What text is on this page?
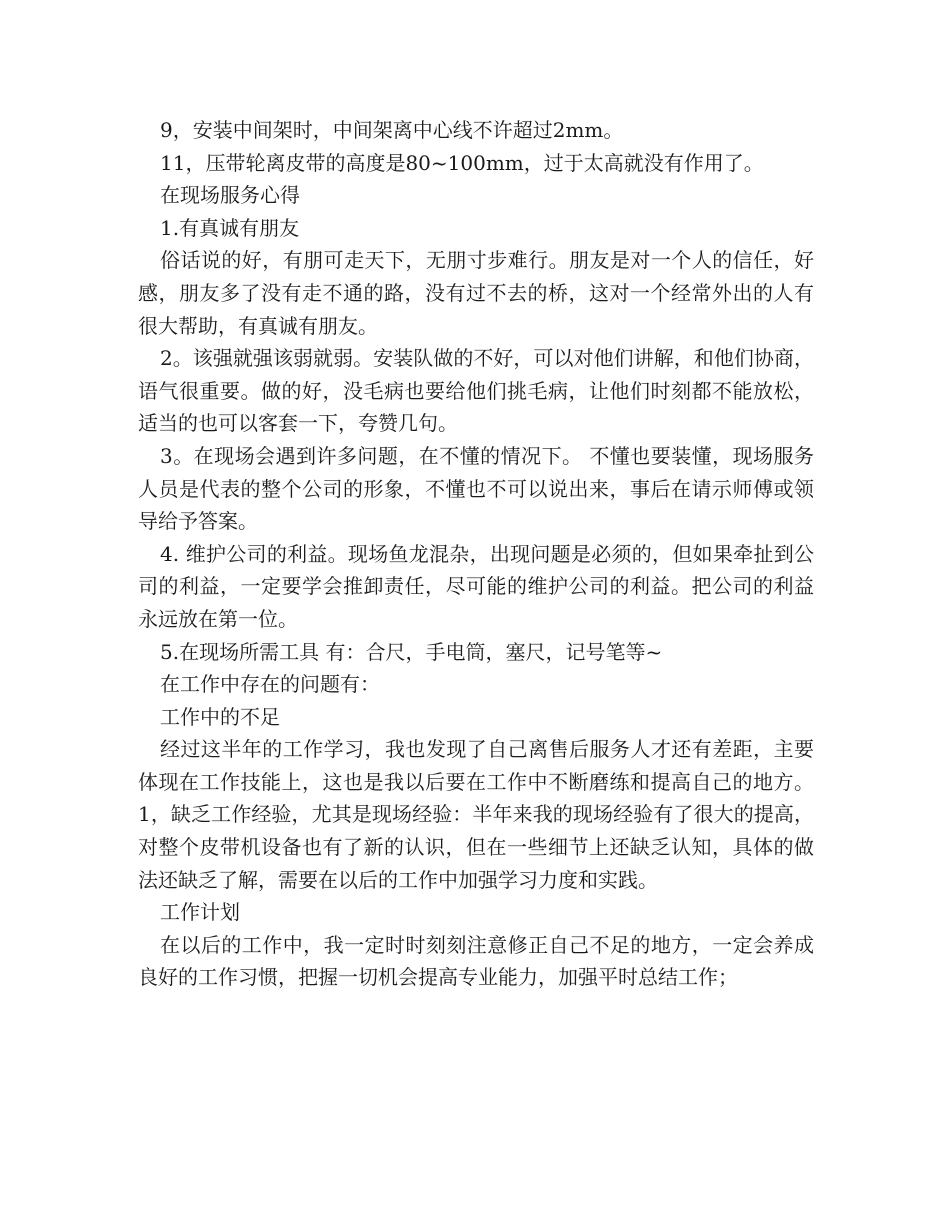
9，安装中间架时，中间架离中心线不许超过2mm。

11，压带轮离皮带的高度是80~100mm，过于太高就没有作用了。

在现场服务心得

1.有真诚有朋友

俗话说的好，有朋可走天下，无朋寸步难行。朋友是对一个人的信任，好感，朋友多了没有走不通的路，没有过不去的桥，这对一个经常外出的人有很大帮助，有真诚有朋友。

2。该强就强该弱就弱。安装队做的不好，可以对他们讲解，和他们协商，语气很重要。做的好，没毛病也要给他们挑毛病，让他们时刻都不能放松，适当的也可以客套一下，夸赞几句。

3。在现场会遇到许多问题，在不懂的情况下。 不懂也要装懂，现场服务人员是代表的整个公司的形象，不懂也不可以说出来，事后在请示师傅或领导给予答案。

4. 维护公司的利益。现场鱼龙混杂，出现问题是必须的，但如果牵扯到公司的利益，一定要学会推卸责任，尽可能的维护公司的利益。把公司的利益永远放在第一位。

5.在现场所需工具 有：合尺，手电筒，塞尺，记号笔等~

在工作中存在的问题有：

工作中的不足

经过这半年的工作学习，我也发现了自己离售后服务人才还有差距，主要体现在工作技能上，这也是我以后要在工作中不断磨练和提高自己的地方。1，缺乏工作经验，尤其是现场经验：半年来我的现场经验有了很大的提高，对整个皮带机设备也有了新的认识，但在一些细节上还缺乏认知，具体的做法还缺乏了解，需要在以后的工作中加强学习力度和实践。

工作计划

在以后的工作中，我一定时时刻刻注意修正自己不足的地方，一定会养成良好的工作习惯，把握一切机会提高专业能力，加强平时总结工作；
